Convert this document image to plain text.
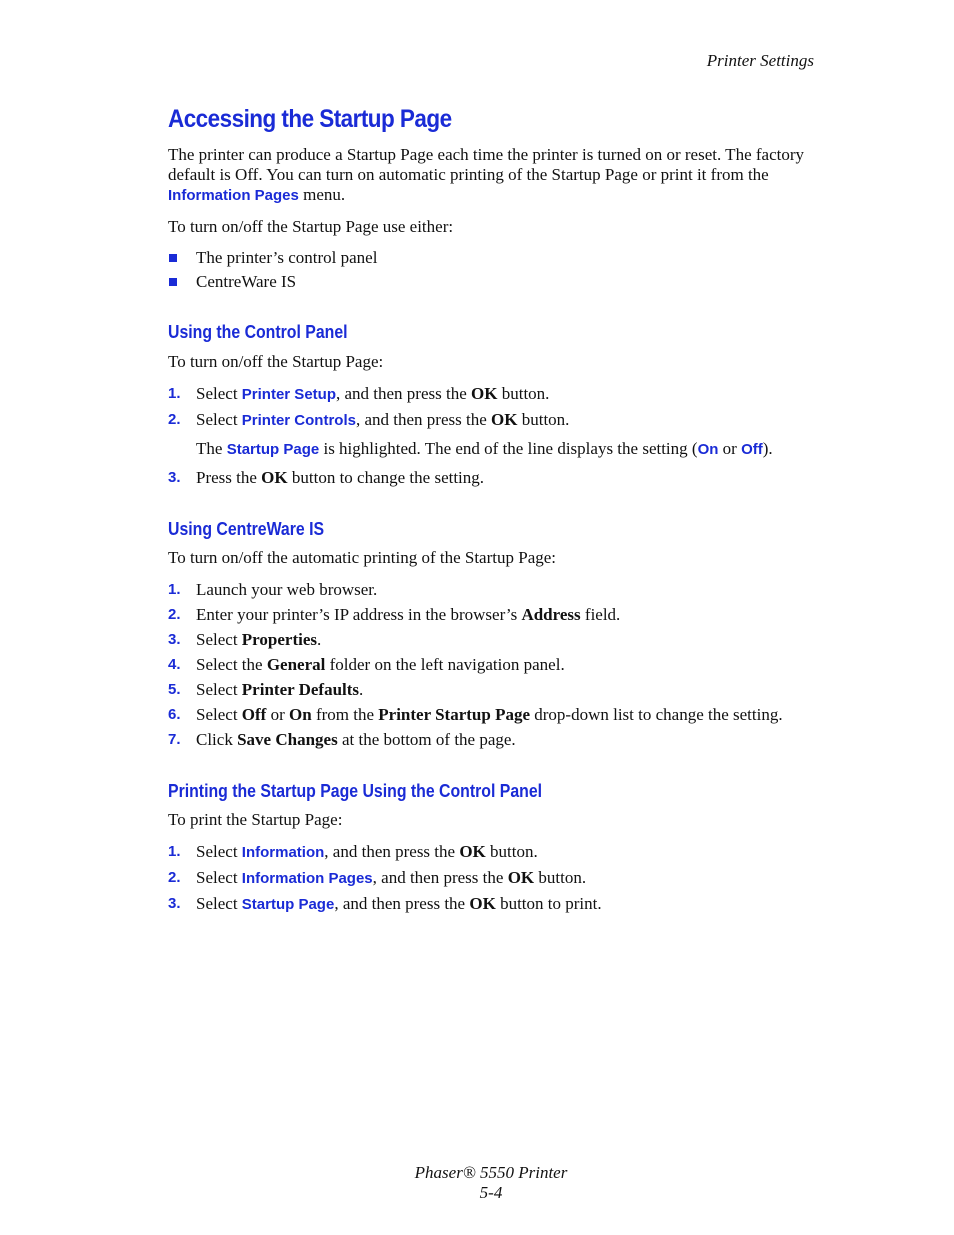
Printer Settings
Accessing the Startup Page

The printer can produce a Startup Page each time the printer is turned on or reset. The factory default is Off. You can turn on automatic printing of the Startup Page or print it from the Information Pages menu.

To turn on/off the Startup Page use either:

The printer’s control panel
CentreWare IS
Using the Control Panel

To turn on/off the Startup Page:

1. Select Printer Setup, and then press the OK button.
2. Select Printer Controls, and then press the OK button.
The Startup Page is highlighted. The end of the line displays the setting (On or Off).
3. Press the OK button to change the setting.
Using CentreWare IS

To turn on/off the automatic printing of the Startup Page:

1. Launch your web browser.
2. Enter your printer’s IP address in the browser’s Address field.
3. Select Properties.
4. Select the General folder on the left navigation panel.
5. Select Printer Defaults.
6. Select Off or On from the Printer Startup Page drop-down list to change the setting.
7. Click Save Changes at the bottom of the page.
Printing the Startup Page Using the Control Panel

To print the Startup Page:

1. Select Information, and then press the OK button.
2. Select Information Pages, and then press the OK button.
3. Select Startup Page, and then press the OK button to print.
Phaser® 5550 Printer
5-4
